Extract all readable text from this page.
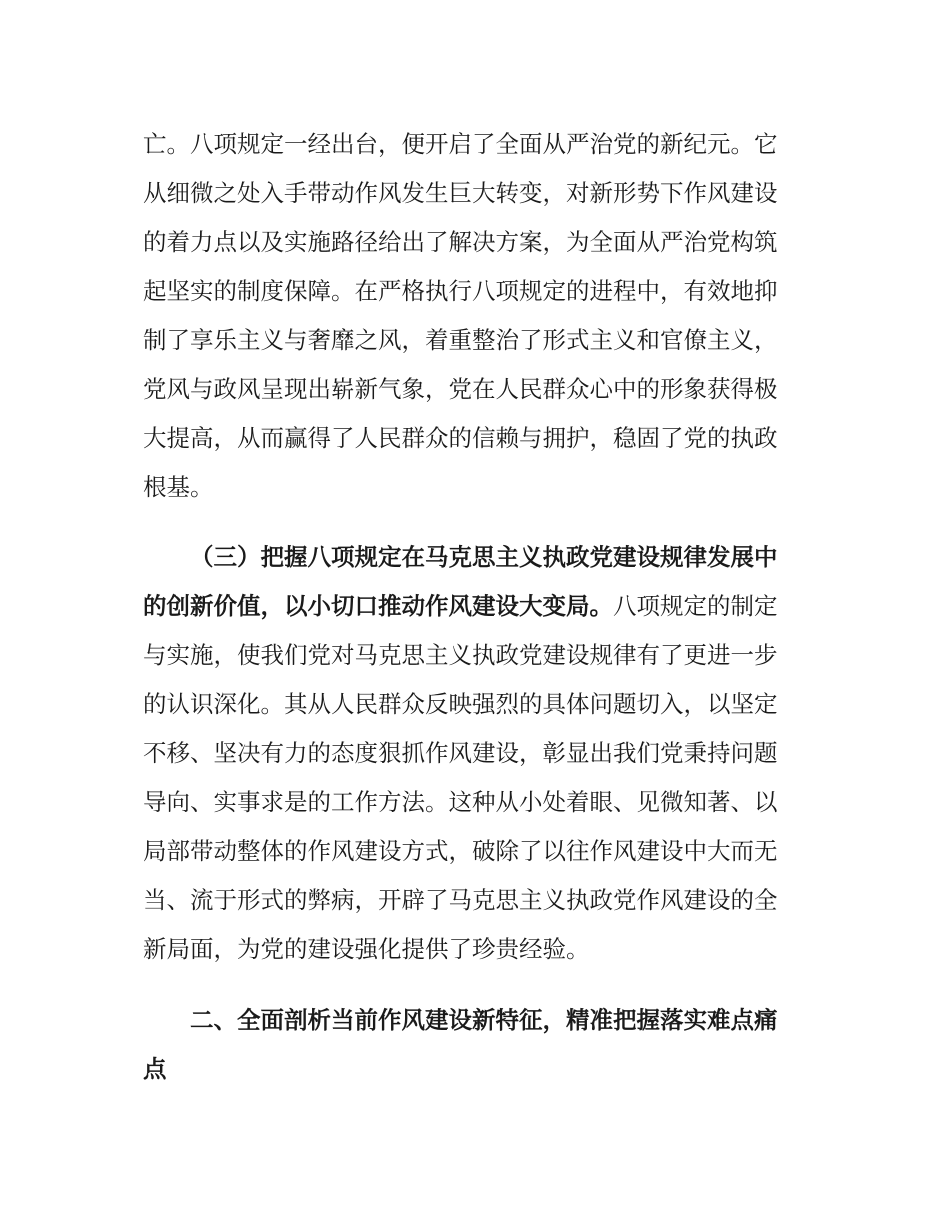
亡。八项规定一经出台，便开启了全面从严治党的新纪元。它
从细微之处入手带动作风发生巨大转变，对新形势下作风建设
的着力点以及实施路径给出了解决方案，为全面从严治党构筑
起坚实的制度保障。在严格执行八项规定的进程中，有效地抑
制了享乐主义与奢靡之风，着重整治了形式主义和官僚主义，
党风与政风呈现出崭新气象，党在人民群众心中的形象获得极
大提高，从而赢得了人民群众的信赖与拥护，稳固了党的执政
根基。
（三）把握八项规定在马克思主义执政党建设规律发展中
的创新价值，以小切口推动作风建设大变局。八项规定的制定
与实施，使我们党对马克思主义执政党建设规律有了更进一步
的认识深化。其从人民群众反映强烈的具体问题切入，以坚定
不移、坚决有力的态度狠抓作风建设，彰显出我们党秉持问题
导向、实事求是的工作方法。这种从小处着眼、见微知著、以
局部带动整体的作风建设方式，破除了以往作风建设中大而无
当、流于形式的弊病，开辟了马克思主义执政党作风建设的全
新局面，为党的建设强化提供了珍贵经验。
二、全面剖析当前作风建设新特征，精准把握落实难点痛
点
